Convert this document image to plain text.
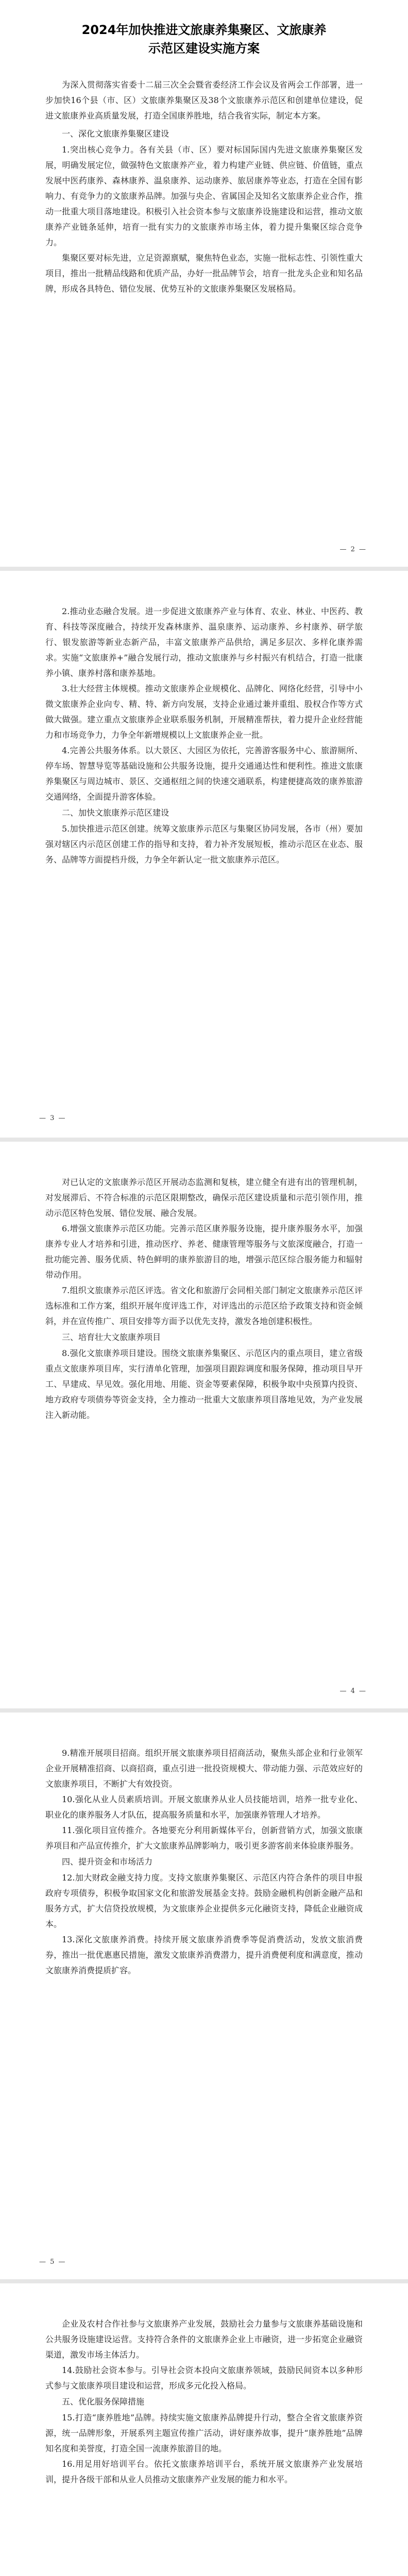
2024年加快推进文旅康养集聚区、文旅康养
示范区建设实施方案

为深入贯彻落实省委十二届三次全会暨省委经济工作会议及省两会工作部署，进一步加快16个县（市、区）文旅康养集聚区及38个文旅康养示范区和创建单位建设，促进文旅康养业高质量发展，打造全国康养胜地，结合我省实际，制定本方案。

一、深化文旅康养集聚区建设

1.突出核心竞争力。各有关县（市、区）要对标国际国内先进文旅康养集聚区发展，明确发展定位，做强特色文旅康养产业，着力构建产业链、供应链、价值链，重点发展中医药康养、森林康养、温泉康养、运动康养、旅居康养等业态，打造在全国有影响力、有竞争力的文旅康养品牌。加强与央企、省属国企及知名文旅康养企业合作，推动一批重大项目落地建设。积极引入社会资本参与文旅康养设施建设和运营，推动文旅康养产业链条延伸，培育一批有实力的文旅康养市场主体，着力提升集聚区综合竞争力。

集聚区要对标先进，立足资源禀赋，聚焦特色业态，实施一批标志性、引领性重大项目，推出一批精品线路和优质产品，办好一批品牌节会，培育一批龙头企业和知名品牌，形成各具特色、错位发展、优势互补的文旅康养集聚区发展格局。

— 2 —

2.推动业态融合发展。进一步促进文旅康养产业与体育、农业、林业、中医药、教育、科技等深度融合，持续开发森林康养、温泉康养、运动康养、乡村康养、研学旅行、银发旅游等新业态新产品，丰富文旅康养产品供给，满足多层次、多样化康养需求。实施“文旅康养+”融合发展行动，推动文旅康养与乡村振兴有机结合，打造一批康养小镇、康养村落和康养基地。

3.壮大经营主体规模。推动文旅康养企业规模化、品牌化、网络化经营，引导中小微文旅康养企业向专、精、特、新方向发展，支持企业通过兼并重组、股权合作等方式做大做强。建立重点文旅康养企业联系服务机制，开展精准帮扶，着力提升企业经营能力和市场竞争力，力争全年新增规模以上文旅康养企业一批。

4.完善公共服务体系。以大景区、大园区为依托，完善游客服务中心、旅游厕所、停车场、智慧导览等基础设施和公共服务设施，提升交通通达性和便利性。推进文旅康养集聚区与周边城市、景区、交通枢纽之间的快速交通联系，构建便捷高效的康养旅游交通网络，全面提升游客体验。

二、加快文旅康养示范区建设

5.加快推进示范区创建。统筹文旅康养示范区与集聚区协同发展，各市（州）要加强对辖区内示范区创建工作的指导和支持，着力补齐发展短板，推动示范区在业态、服务、品牌等方面提档升级，力争全年新认定一批文旅康养示范区。

— 3 —

对已认定的文旅康养示范区开展动态监测和复核，建立健全有进有出的管理机制，对发展滞后、不符合标准的示范区限期整改，确保示范区建设质量和示范引领作用，推动示范区特色发展、错位发展、融合发展。

6.增强文旅康养示范区功能。完善示范区康养服务设施，提升康养服务水平，加强康养专业人才培养和引进，推动医疗、养老、健康管理等服务与文旅深度融合，打造一批功能完善、服务优质、特色鲜明的康养旅游目的地，增强示范区综合服务能力和辐射带动作用。

7.组织文旅康养示范区评选。省文化和旅游厅会同相关部门制定文旅康养示范区评选标准和工作方案，组织开展年度评选工作，对评选出的示范区给予政策支持和资金倾斜，并在宣传推广、项目安排等方面予以优先支持，激发各地创建积极性。

三、培育壮大文旅康养项目

8.强化文旅康养项目建设。围绕文旅康养集聚区、示范区内的重点项目，建立省级重点文旅康养项目库，实行清单化管理，加强项目跟踪调度和服务保障，推动项目早开工、早建成、早见效。强化用地、用能、资金等要素保障，积极争取中央预算内投资、地方政府专项债券等资金支持，全力推动一批重大文旅康养项目落地见效，为产业发展注入新动能。

— 4 —

9.精准开展项目招商。组织开展文旅康养项目招商活动，聚焦头部企业和行业领军企业开展精准招商、以商招商，重点引进一批投资规模大、带动能力强、示范效应好的文旅康养项目，不断扩大有效投资。

10.强化从业人员素质培训。开展文旅康养从业人员技能培训，培养一批专业化、职业化的康养服务人才队伍，提高服务质量和水平，加强康养管理人才培养。

11.强化项目宣传推介。各地要充分利用新媒体平台，创新营销方式，加强文旅康养项目和产品宣传推介，扩大文旅康养品牌影响力，吸引更多游客前来体验康养服务。

四、提升资金和市场活力

12.加大财政金融支持力度。支持文旅康养集聚区、示范区内符合条件的项目申报政府专项债券，积极争取国家文化和旅游发展基金支持。鼓励金融机构创新金融产品和服务方式，扩大信贷投放规模，为文旅康养企业提供多元化融资支持，降低企业融资成本。

13.深化文旅康养消费。持续开展文旅康养消费季等促消费活动，发放文旅消费券，推出一批优惠惠民措施，激发文旅康养消费潜力，提升消费便利度和满意度，推动文旅康养消费提质扩容。

— 5 —

企业及农村合作社参与文旅康养产业发展，鼓励社会力量参与文旅康养基础设施和公共服务设施建设运营。支持符合条件的文旅康养企业上市融资，进一步拓宽企业融资渠道，激发市场主体活力。

14.鼓励社会资本参与。引导社会资本投向文旅康养领域，鼓励民间资本以多种形式参与文旅康养项目建设和运营，形成多元化投入格局。

五、优化服务保障措施

15.打造“康养胜地”品牌。持续实施文旅康养品牌提升行动，整合全省文旅康养资源，统一品牌形象，开展系列主题宣传推广活动，讲好康养故事，提升“康养胜地”品牌知名度和美誉度，打造全国一流康养旅游目的地。

16.用足用好培训平台。依托文旅康养培训平台，系统开展文旅康养产业发展培训，提升各级干部和从业人员推动文旅康养产业发展的能力和水平。
